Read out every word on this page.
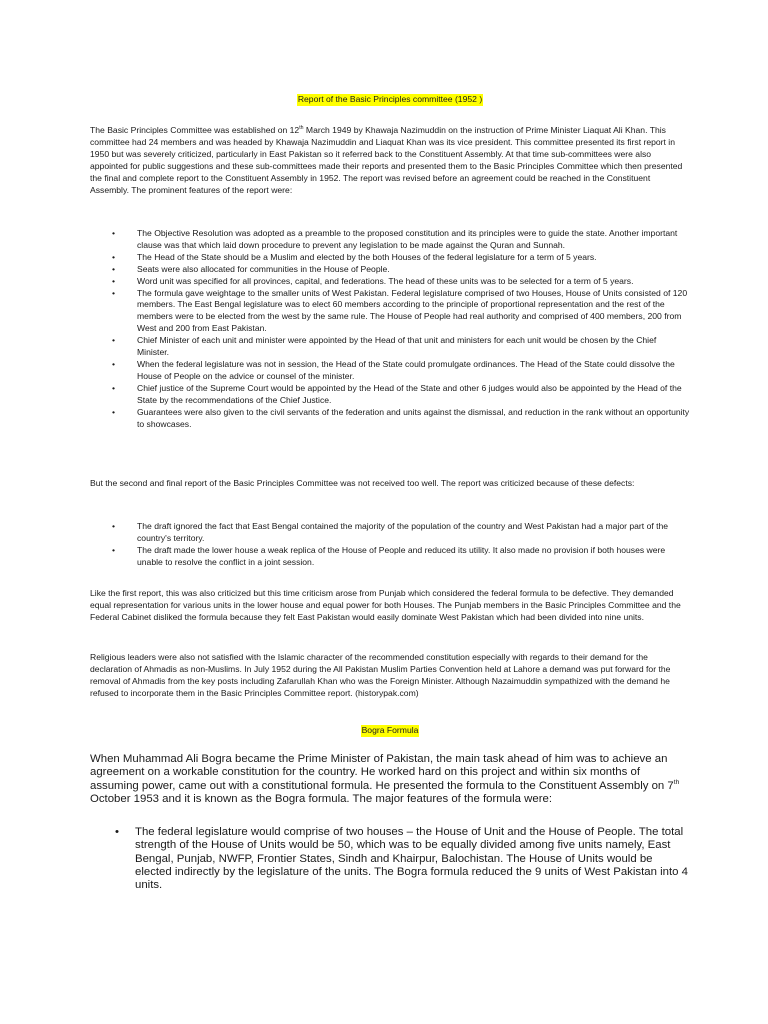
Report of the Basic Principles committee (1952 )

The Basic Principles Committee was established on 12th March 1949 by Khawaja Nazimuddin on the instruction of Prime Minister Liaquat Ali Khan. This committee had 24 members and was headed by Khawaja Nazimuddin and Liaquat Khan was its vice president. This committee presented its first report in 1950 but was severely criticized, particularly in East Pakistan so it referred back to the Constituent Assembly. At that time sub-committees were also appointed for public suggestions and these sub-committees made their reports and presented them to the Basic Principles Committee which then presented the final and complete report to the Constituent Assembly in 1952. The report was revised before an agreement could be reached in the Constituent Assembly. The prominent features of the report were:

•	The Objective Resolution was adopted as a preamble to the proposed constitution and its principles were to guide the state. Another important clause was that which laid down procedure to prevent any legislation to be made against the Quran and Sunnah.
•	The Head of the State should be a Muslim and elected by the both Houses of the federal legislature for a term of 5 years.
•	Seats were also allocated for communities in the House of People.
•	Word unit was specified for all provinces, capital, and federations. The head of these units was to be selected for a term of 5 years.
•	The formula gave weightage to the smaller units of West Pakistan. Federal legislature comprised of two Houses, House of Units consisted of 120 members. The East Bengal legislature was to elect 60 members according to the principle of proportional representation and the rest of the members were to be elected from the west by the same rule. The House of People had real authority and comprised of 400 members, 200 from West and 200 from East Pakistan.
•	Chief Minister of each unit and minister were appointed by the Head of that unit and ministers for each unit would be chosen by the Chief Minister.
•	When the federal legislature was not in session, the Head of the State could promulgate ordinances. The Head of the State could dissolve the House of People on the advice or counsel of the minister.
•	Chief justice of the Supreme Court would be appointed by the Head of the State and other 6 judges would also be appointed by the Head of the State by the recommendations of the Chief Justice.
•	Guarantees were also given to the civil servants of the federation and units against the dismissal, and reduction in the rank without an opportunity to showcases.

But the second and final report of the Basic Principles Committee was not received too well. The report was criticized because of these defects:

•	The draft ignored the fact that East Bengal contained the majority of the population of the country and West Pakistan had a major part of the country's territory.
•	The draft made the lower house a weak replica of the House of People and reduced its utility. It also made no provision if both houses were unable to resolve the conflict in a joint session.

Like the first report, this was also criticized but this time criticism arose from Punjab which considered the federal formula to be defective. They demanded equal representation for various units in the lower house and equal power for both Houses. The Punjab members in the Basic Principles Committee and the Federal Cabinet disliked the formula because they felt East Pakistan would easily dominate West Pakistan which had been divided into nine units.

Religious leaders were also not satisfied with the Islamic character of the recommended constitution especially with regards to their demand for the declaration of Ahmadis as non-Muslims. In July 1952 during the All Pakistan Muslim Parties Convention held at Lahore a demand was put forward for the removal of Ahmadis from the key posts including Zafarullah Khan who was the Foreign Minister. Although Nazaimuddin sympathized with the demand he refused to incorporate them in the Basic Principles Committee report. (historypak.com)

Bogra Formula

When Muhammad Ali Bogra became the Prime Minister of Pakistan, the main task ahead of him was to achieve an agreement on a workable constitution for the country. He worked hard on this project and within six months of assuming power, came out with a constitutional formula. He presented the formula to the Constituent Assembly on 7th October 1953 and it is known as the Bogra formula. The major features of the formula were:

• The federal legislature would comprise of two houses – the House of Unit and the House of People. The total strength of the House of Units would be 50, which was to be equally divided among five units namely, East Bengal, Punjab, NWFP, Frontier States, Sindh and Khairpur, Balochistan. The House of Units would be elected indirectly by the legislature of the units. The Bogra formula reduced the 9 units of West Pakistan into 4 units.
